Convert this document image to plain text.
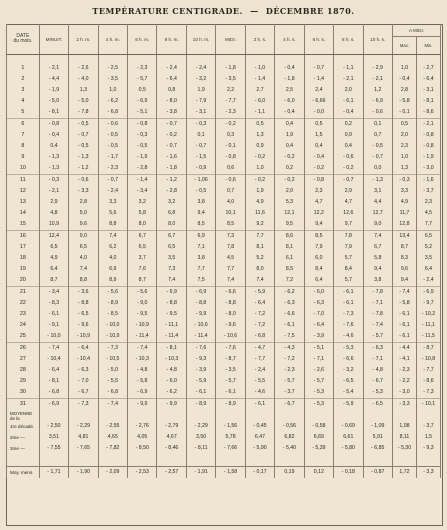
TEMPÉRATURE CENTIGRADE. — DÉCEMBRE 1870.
DATE
du mois.	MINUIT.	2 h. m.	4 h. m.	6 h. m.	8 h. m.	10 h. m.	MIDI.	2 h. s.	4 h. s.	6 h. s.	8 h. s.	10 h. s.	A MIDI.	
													Max.	Min.

1	- 2,1	- 2,6	- 2,5	- 2,3	- 2,4	- 2,4	- 1,8	- 1,0	- 0,4	- 0,7	- 1,1	- 2,9	1,0	- 2,7
2	- 4,4	- 4,0	- 3,5	- 5,7	- 6,4	- 3,2	- 3,5	- 1,4	- 1,8	- 1,4	- 2,1	- 2,1	- 0,4	- 6,4
3	- 1,9	1,3	1,0	0,5	0,8	1,9	2,2	2,7	2,5	2,4	2,0	1,2	2,8	- 3,1
4	- 5,0	- 5,0	- 6,2	- 6,9	- 8,0	- 7,9	- 7,7	- 6,0	- 6,0	- 6,66	- 6,1	- 6,9	- 5,8	- 8,1
5	- 8,1	- 7,8	- 6,8	- 5,1	- 3,8	- 3,1	- 2,3	- 1,1	- 0,4	- 0,0	- 0,4	- 0,6	- 0,1	- 8,6
6	- 0,8	- 0,5	- 0,6	- 0,8	- 0,7	- 0,3	- 0,2	0,5	0,4	0,5	0,2	0,1	0,5	- 2,1
7	- 0,4	- 0,7	- 0,5	- 0,3	- 0,2	0,1	0,3	1,3	1,9	1,5	0,9	0,7	2,0	- 0,8
8	0,4	- 0,5	- 0,5	- 0,5	- 0,7	- 0,7	- 0,1	0,9	0,4	0,4	0,4	- 0,5	2,3	- 0,8
9	- 1,3	- 1,3	- 1,7	- 1,9	- 1,6	- 1,5	- 0,8	- 0,2	- 0,2	- 0,4	- 0,6	- 0,7	1,0	- 1,9
10	- 1,3	- 1,2	- 2,3	- 2,8	- 1,8	- 0,9	0,6	1,0	0,2	- 0,2	- 0,2	0,0	1,3	- 3,0
11	- 0,3	- 0,6	- 0,7	- 1,4	- 1,2	- 1,06	- 0,6	- 0,2	- 0,2	- 0,8	- 0,7	- 1,3	- 0,3	- 1,6
12	- 2,1	- 3,3	- 2,4	- 3,4	- 2,8	- 0,5	0,7	1,9	2,0	2,3	2,9	3,1	3,3	- 3,7
13	2,9	2,8	3,3	3,2	3,2	3,8	4,0	4,9	5,3	4,7	4,7	4,4	4,9	2,3
14	4,8	5,0	5,6	5,8	6,8	9,4	10,1	11,6	12,1	12,2	12,6	12,7	11,7	4,5
15	10,9	9,6	8,8	8,0	8,0	8,5	8,5	9,2	9,5	9,4	9,7	9,0	12,8	7,7
16	12,4	9,0	7,4	6,7	6,7	6,9	7,3	7,7	8,6	8,5	7,8	7,4	13,4	6,5
17	6,5	6,5	6,2	6,5	6,5	7,1	7,8	8,1	8,1	7,9	7,9	6,7	8,7	5,2
18	4,9	4,0	4,0	3,7	3,5	3,8	4,5	5,2	6,1	6,0	5,7	5,8	8,3	3,5
19	6,4	7,4	6,9	7,6	7,3	7,7	7,7	8,0	8,5	8,4	8,4	9,4	9,6	6,4
20	8,7	8,8	8,9	8,7	7,4	7,5	7,4	7,4	7,2	6,4	5,7	3,8	9,4	- 2,4
21	- 3,4	- 3,6	- 5,6	- 5,6	- 6,9	- 6,9	- 6,6	- 5,9	- 6,2	- 6,0	- 6,1	- 7,8	- 7,4	- 6,9
22	- 8,3	- 8,8	- 8,9	- 9,0	- 8,8	- 8,8	- 8,8	- 6,4	- 6,3	- 6,3	- 6,1	- 7,1	- 5,8	- 9,7
23	- 6,1	- 6,5	- 8,5	- 9,5	- 9,5	- 9,9	- 8,0	- 7,2	- 6,6	- 7,0	- 7,3	- 7,8	- 6,1	- 10,2
24	- 9,1	- 9,6	- 10,0	- 10,9	- 11,1	- 10,6	- 9,6	- 7,2	- 6,1	- 6,4	- 7,6	- 7,4	- 6,1	- 11,1
25	- 10,0	- 10,9	- 10,9	- 11,4	- 11,4	- 11,4	- 10,6	- 6,8	- 7,5	- 3,9	- 4,6	- 5,7	- 6,1	- 11,5
26	- 7,4	- 6,4	- 7,3	- 7,4	- 8,1	- 7,6	- 7,6	- 4,7	- 4,3	- 5,1	- 5,3	- 6,3	- 4,4	- 8,7
27	- 10,4	- 10,4	- 10,5	- 10,3	- 10,3	- 9,3	- 8,7	- 7,7	- 7,2	- 7,1	- 6,6	- 7,1	- 4,1	- 10,8
28	- 6,4	- 6,3	- 5,0	- 4,8	- 4,8	- 3,9	- 3,5	- 2,4	- 2,3	- 2,6	- 3,2	- 4,8	- 2,3	- 7,7
29	- 8,1	- 7,0	- 5,5	- 5,8	- 6,0	- 5,9	- 5,7	- 5,5	- 5,7	- 5,7	- 6,5	- 6,7	- 2,2	- 8,6
30	- 6,8	- 6,7	- 6,8	- 6,9	- 6,2	- 6,1	- 6,1	- 4,6	- 3,7	- 5,3	- 5,4	- 5,3	- 3,0	- 7,3
31	- 6,9	- 7,3	- 7,4	- 9,9	- 9,9	- 8,9	- 8,9	- 6,1	- 6,7	- 5,3	- 5,9	- 6,5	- 3,3	- 10,1
MOYENNE
de la														
1re décade.	- 2,50	- 2,29	- 2,55	- 2,76	- 2,79	- 2,29	- 1,56	- 0,45	- 0,56	- 0,58	- 0,69	- 1,09	1,08	- 3,7
2me —	3,51	4,81	4,65	4,05	4,67	3,50	5,78	6,47	6,82	6,69	6,61	5,91	8,11	1,5
3me —	- 7,55	- 7,65	- 7,82	- 8,50	- 8,46	- 8,11	- 7,66	- 5,90	- 5,40	- 5,39	- 5,80	- 6,85	- 5,30	- 9,3

Moy. mens.	- 1,71	- 1,90	- 2,09	- 2,53	- 2,57	- 1,91	- 1,58	- 0,17	0,19	0,12	- 0,18	- 0,87	1,72	- 3,3
